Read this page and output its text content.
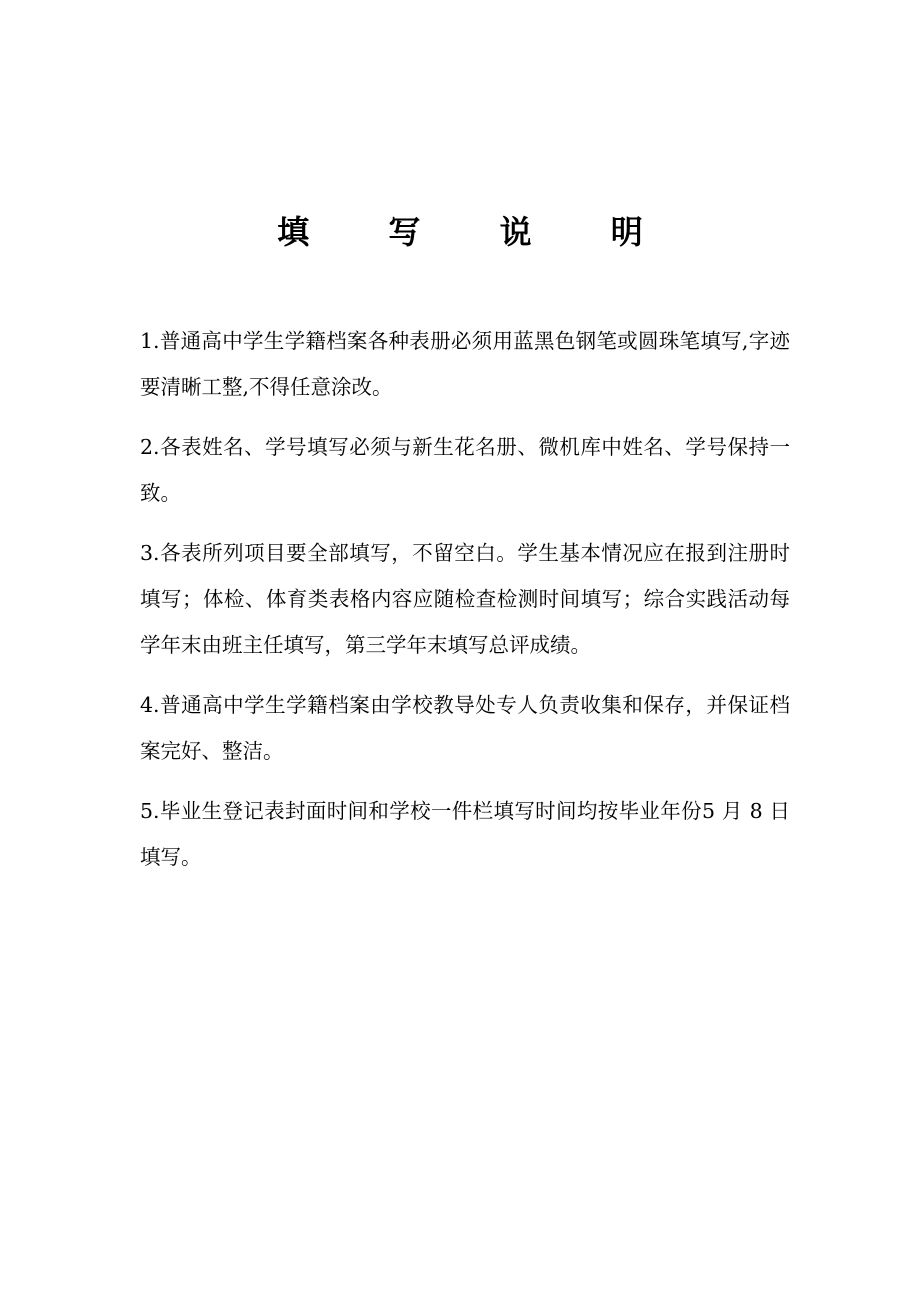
填 写 说 明
1.普通高中学生学籍档案各种表册必须用蓝黑色钢笔或圆珠笔填写,字迹要清晰工整,不得任意涂改。
2.各表姓名、学号填写必须与新生花名册、微机库中姓名、学号保持一致。
3.各表所列项目要全部填写，不留空白。学生基本情况应在报到注册时填写；体检、体育类表格内容应随检查检测时间填写；综合实践活动每学年末由班主任填写，第三学年末填写总评成绩。
4.普通高中学生学籍档案由学校教导处专人负责收集和保存，并保证档案完好、整洁。
5.毕业生登记表封面时间和学校一件栏填写时间均按毕业年份5 月 8 日填写。
